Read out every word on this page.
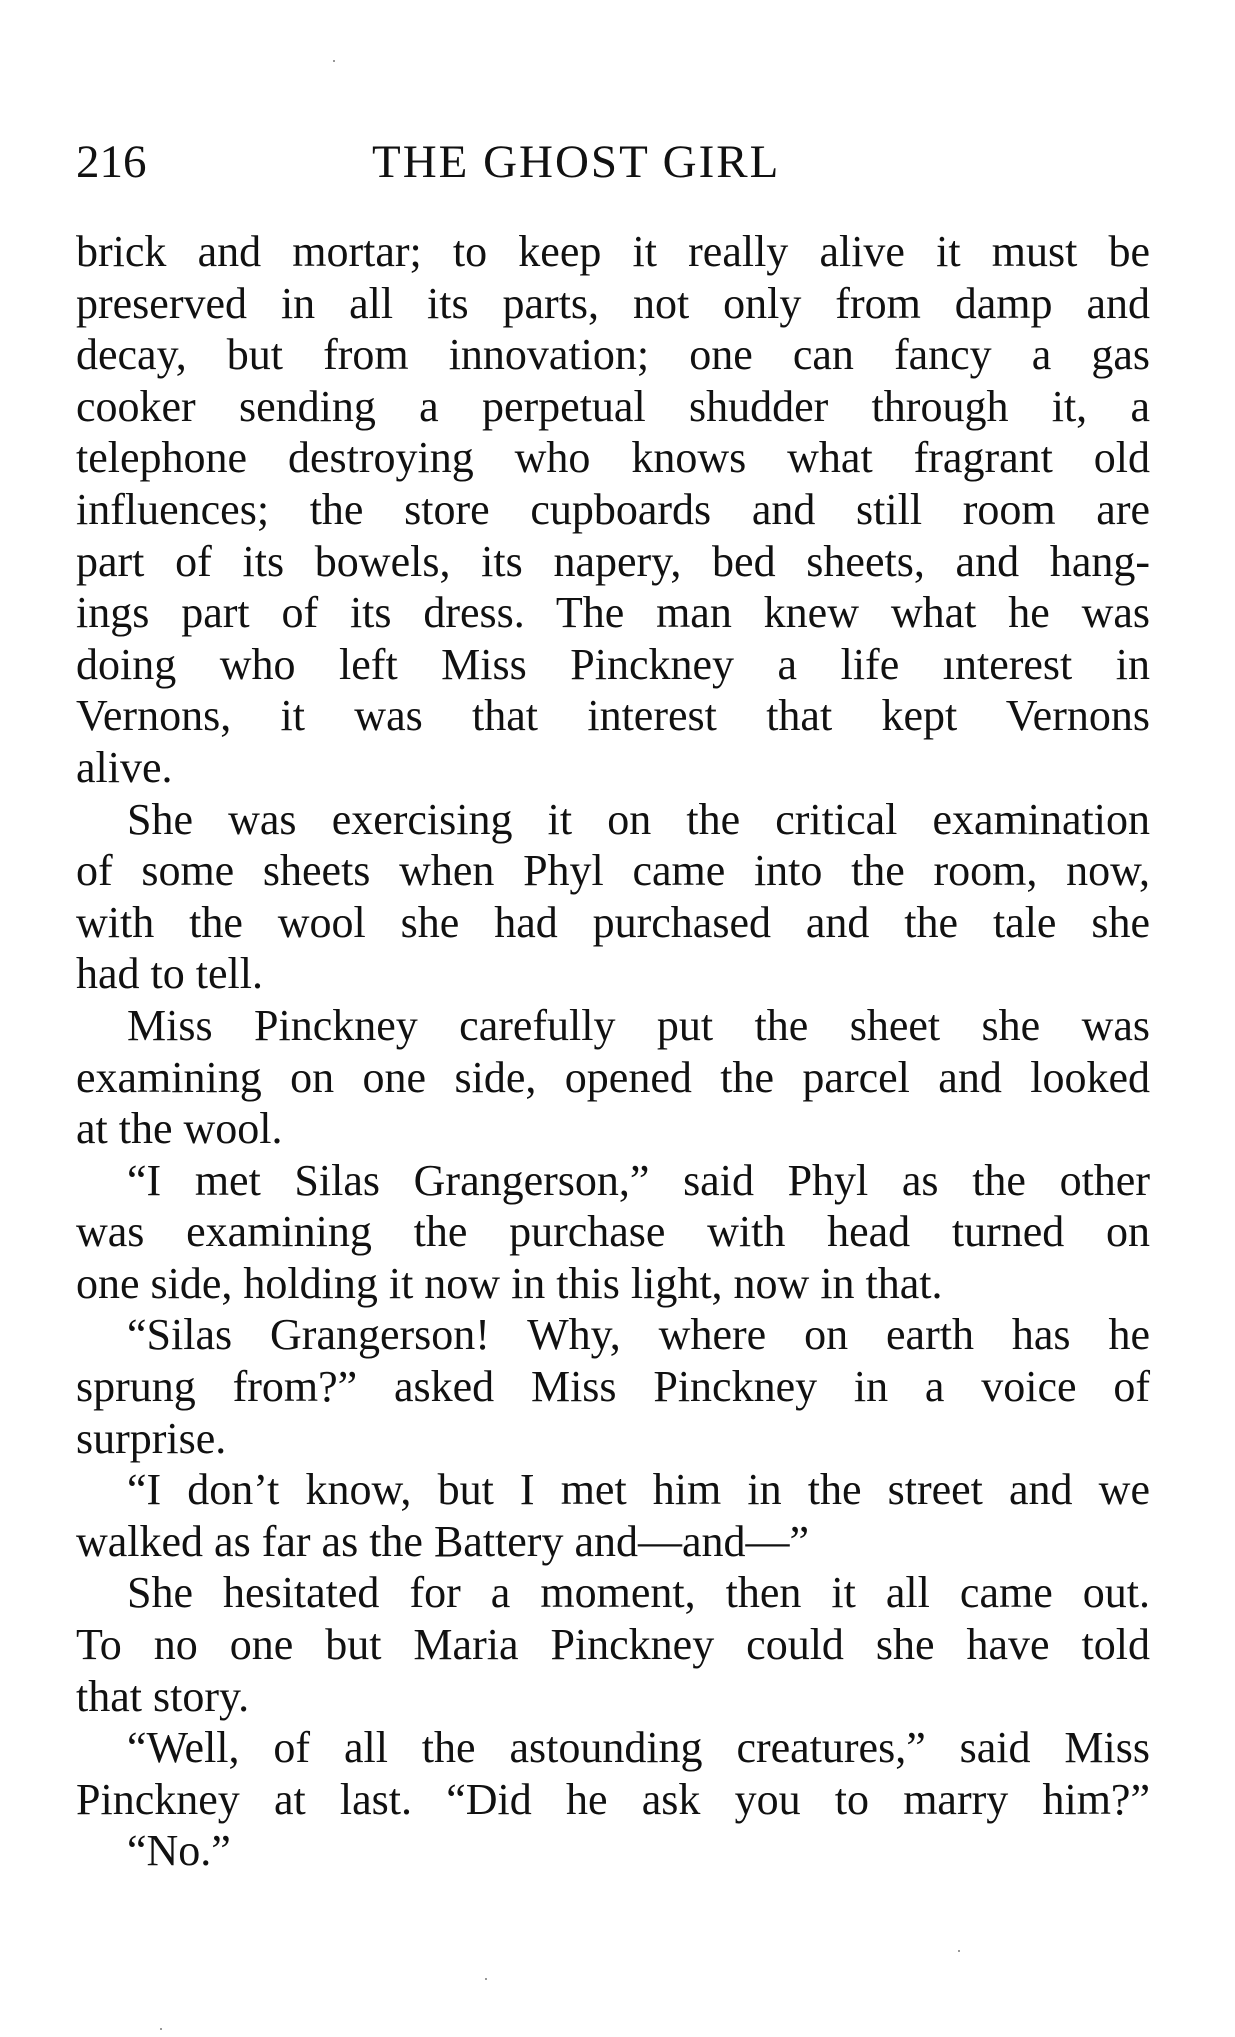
216	THE GHOST GIRL
brick and mortar; to keep it really alive it must be
preserved in all its parts, not only from damp and
decay, but from innovation; one can fancy a gas
cooker sending a perpetual shudder through it, a
telephone destroying who knows what fragrant old
influences; the store cupboards and still room are
part of its bowels, its napery, bed sheets, and hang-
ings part of its dress. The man knew what he was
doing who left Miss Pinckney a life ınterest in
Vernons, it was that interest that kept Vernons
alive.
She was exercising it on the critical examination
of some sheets when Phyl came into the room, now,
with the wool she had purchased and the tale she
had to tell.
Miss Pinckney carefully put the sheet she was
examining on one side, opened the parcel and looked
at the wool.
“I met Silas Grangerson,” said Phyl as the other
was examining the purchase with head turned on
one side, holding it now in this light, now in that.
“Silas Grangerson! Why, where on earth has he
sprung from?” asked Miss Pinckney in a voice of
surprise.
“I don’t know, but I met him in the street and we
walked as far as the Battery and—and—”
She hesitated for a moment, then it all came out.
To no one but Maria Pinckney could she have told
that story.
“Well, of all the astounding creatures,” said Miss
Pinckney at last. “Did he ask you to marry him?”
“No.”
